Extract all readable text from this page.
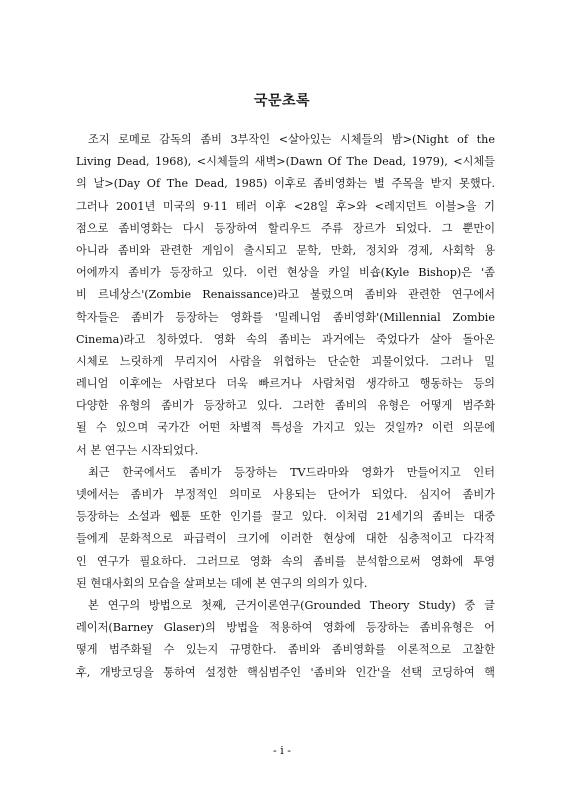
국문초록
조지 로메로 감독의 좀비 3부작인 <살아있는 시체들의 밤>(Night of the
Living Dead, 1968), <시체들의 새벽>(Dawn Of The Dead, 1979), <시체들
의 날>(Day Of The Dead, 1985) 이후로 좀비영화는 별 주목을 받지 못했다.
그러나 2001년 미국의 9·11 테러 이후 <28일 후>와 <레지던트 이블>을 기
점으로 좀비영화는 다시 등장하여 할리우드 주류 장르가 되었다. 그 뿐만이
아니라 좀비와 관련한 게임이 출시되고 문학, 만화, 정치와 경제, 사회학 용
어에까지 좀비가 등장하고 있다. 이런 현상을 카일 비숍(Kyle Bishop)은 '좀
비 르네상스'(Zombie Renaissance)라고 불렀으며 좀비와 관련한 연구에서
학자들은 좀비가 등장하는 영화를 '밀레니엄 좀비영화'(Millennial Zombie
Cinema)라고 칭하였다. 영화 속의 좀비는 과거에는 죽었다가 살아 돌아온
시체로 느릿하게 무리지어 사람을 위협하는 단순한 괴물이었다. 그러나 밀
레니엄 이후에는 사람보다 더욱 빠르거나 사람처럼 생각하고 행동하는 등의
다양한 유형의 좀비가 등장하고 있다. 그러한 좀비의 유형은 어떻게 범주화
될 수 있으며 국가간 어떤 차별적 특성을 가지고 있는 것일까? 이런 의문에
서 본 연구는 시작되었다.
최근 한국에서도 좀비가 등장하는 TV드라마와 영화가 만들어지고 인터
넷에서는 좀비가 부정적인 의미로 사용되는 단어가 되었다. 심지어 좀비가
등장하는 소설과 웹툰 또한 인기를 끌고 있다. 이처럼 21세기의 좀비는 대중
들에게 문화적으로 파급력이 크기에 이러한 현상에 대한 심층적이고 다각적
인 연구가 필요하다. 그러므로 영화 속의 좀비를 분석함으로써 영화에 투영
된 현대사회의 모습을 살펴보는 데에 본 연구의 의의가 있다.
본 연구의 방법으로 첫째, 근거이론연구(Grounded Theory Study) 중 글
레이저(Barney Glaser)의 방법을 적용하여 영화에 등장하는 좀비유형은 어
떻게 범주화될 수 있는지 규명한다. 좀비와 좀비영화를 이론적으로 고찰한
후, 개방코딩을 통하여 설정한 핵심범주인 '좀비와 인간'을 선택 코딩하여 핵
- i -
